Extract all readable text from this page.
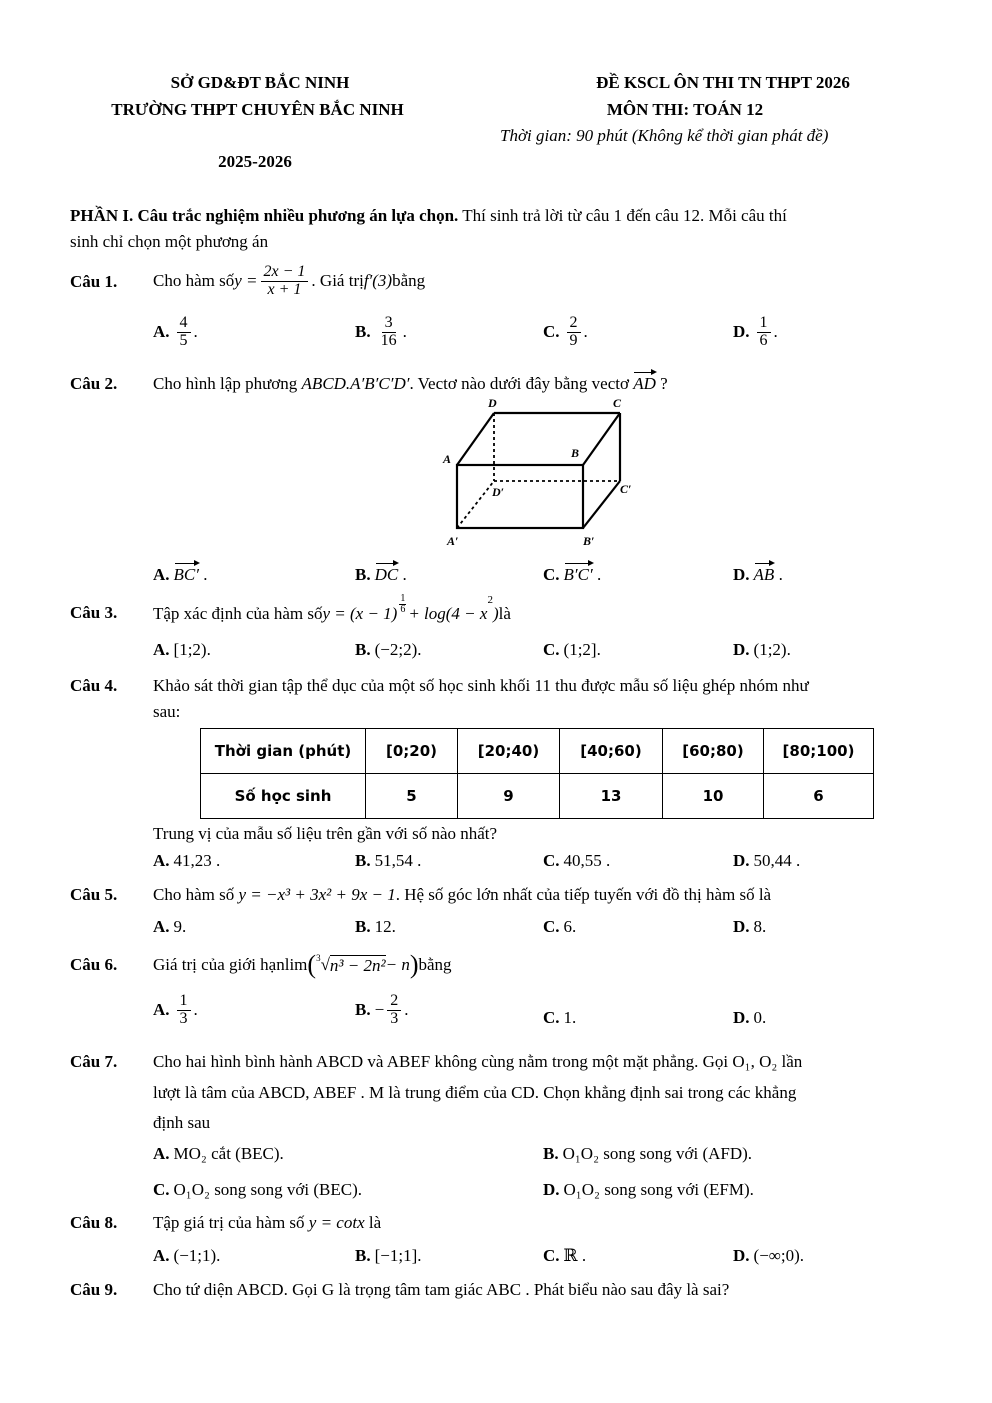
SỞ GD&ĐT BẮC NINH
TRƯỜNG THPT CHUYÊN BẮC NINH
2025-2026
ĐỀ KSCL ÔN THI TN THPT 2026
MÔN THI: TOÁN 12
Thời gian: 90 phút (Không kể thời gian phát đề)
PHẦN I. Câu trắc nghiệm nhiều phương án lựa chọn. Thí sinh trả lời từ câu 1 đến câu 12. Mỗi câu thí
sinh chỉ chọn một phương án
Câu 1. Cho hàm số $y = \frac{2x - 1}{x + 1}$ . Giá trị f′(3) bằng
A. $\frac{4}{5}$ .	B. $\frac{3}{16}$ .	C. $\frac{2}{9}$ .	D. $\frac{1}{6}$ .
Câu 2. Cho hình lập phương ABCD.A′B′C′D′. Vectơ nào dưới đây bằng vectơ AD ?
D	C
A	B
D′	C′
A′	B′
A. BC′ .	B. DC .	C. B′C′ .	D. AB .
Câu 3. Tập xác định của hàm số y = (x − 1)
1
6 + log(4 − x
$^2$
) là
A. [1;2).	B. (−2;2).	C. (1;2].	D. (1;2).
Câu 4. Khảo sát thời gian tập thể dục của một số học sinh khối 11 thu được mẫu số liệu ghép nhóm như
sau:
Thời gian (phút)	[0;20)	[20;40)	[40;60)	[60;80)	[80;100)
Số học sinh	5	9	13	10	6
Trung vị của mẫu số liệu trên gần với số nào nhất?
A. 41,23 .	B. 51,54 .	C. 40,55 .	D. 50,44 .
Câu 5. Cho hàm số y = −x³ + 3x² + 9x − 1. Hệ số góc lớn nhất của tiếp tuyến với đồ thị hàm số là
A. 9.	B. 12.	C. 6.	D. 8.
Câu 6. Giá trị của giới hạn lim ( 3 √ n³ − 2n² − n ) bằng
A. $\frac{1}{3}$ .	B. − $\frac{2}{3}$ .	C. 1.	D. 0.
Câu 7. Cho hai hình bình hành ABCD và ABEF không cùng nằm trong một mặt phẳng. Gọi O₁, O₂ lần
lượt là tâm của ABCD, ABEF . M là trung điểm của CD. Chọn khẳng định sai trong các khẳng
định sau
A. MO₂ cắt (BEC).	B. O₁O₂ song song với (AFD).
C. O₁O₂ song song với (BEC).	D. O₁O₂ song song với (EFM).
Câu 8. Tập giá trị của hàm số y = cotx là
A. (−1;1).	B. [−1;1].	C. ℝ .	D. (−∞;0).
Câu 9. Cho tứ diện ABCD. Gọi G là trọng tâm tam giác ABC . Phát biểu nào sau đây là sai?
